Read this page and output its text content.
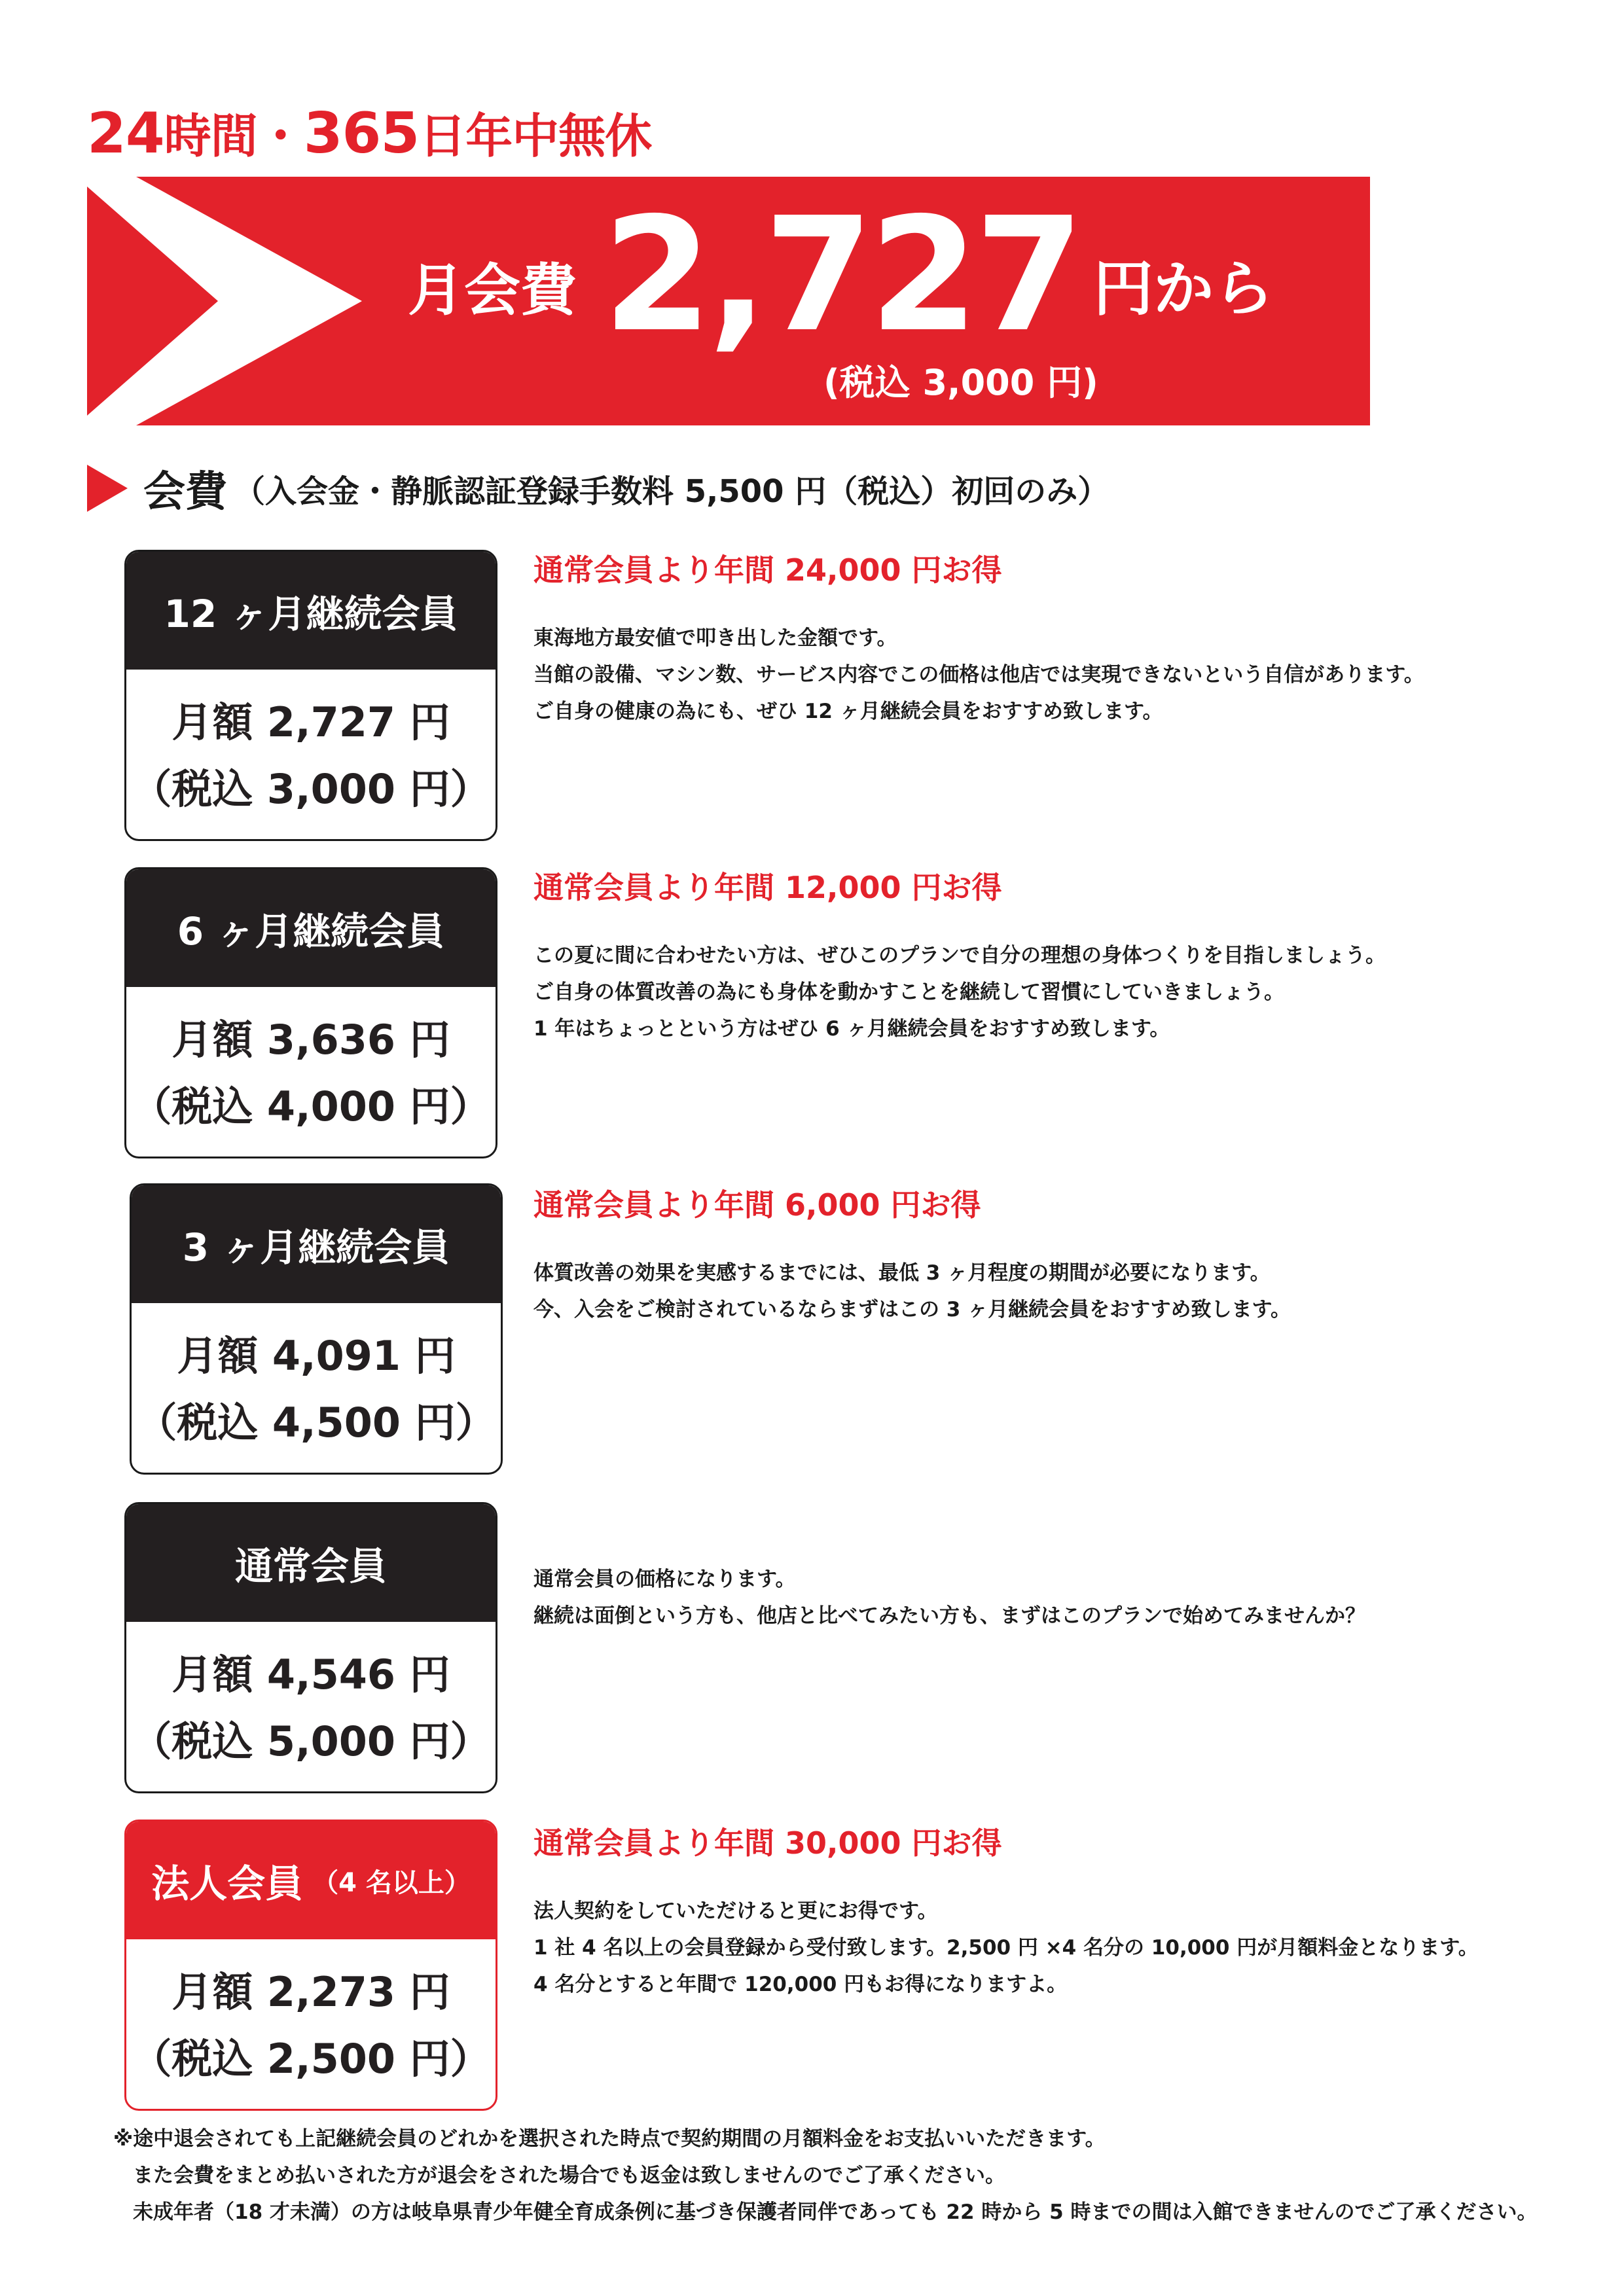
24時間・365日年中無休
月会費 2,727 円から
(税込 3,000 円)
会費 （入会金・静脈認証登録手数料 5,500 円（税込）初回のみ）
12 ヶ月継続会員
月額 2,727 円
（税込 3,000 円）
通常会員より年間 24,000 円お得
東海地方最安値で叩き出した金額です。
当館の設備、マシン数、サービス内容でこの価格は他店では実現できないという自信があります。
ご自身の健康の為にも、ぜひ 12 ヶ月継続会員をおすすめ致します。
6 ヶ月継続会員
月額 3,636 円
（税込 4,000 円）
通常会員より年間 12,000 円お得
この夏に間に合わせたい方は、ぜひこのプランで自分の理想の身体つくりを目指しましょう。
ご自身の体質改善の為にも身体を動かすことを継続して習慣にしていきましょう。
1 年はちょっとという方はぜひ 6 ヶ月継続会員をおすすめ致します。
3 ヶ月継続会員
月額 4,091 円
（税込 4,500 円）
通常会員より年間 6,000 円お得
体質改善の効果を実感するまでには、最低 3 ヶ月程度の期間が必要になります。
今、入会をご検討されているならまずはこの 3 ヶ月継続会員をおすすめ致します。
通常会員
月額 4,546 円
（税込 5,000 円）
通常会員の価格になります。
継続は面倒という方も、他店と比べてみたい方も、まずはこのプランで始めてみませんか？
法人会員 （4 名以上）
月額 2,273 円
（税込 2,500 円）
通常会員より年間 30,000 円お得
法人契約をしていただけると更にお得です。
1 社 4 名以上の会員登録から受付致します。2,500 円 ×4 名分の 10,000 円が月額料金となります。
4 名分とすると年間で 120,000 円もお得になりますよ。
※途中退会されても上記継続会員のどれかを選択された時点で契約期間の月額料金をお支払いいただきます。
また会費をまとめ払いされた方が退会をされた場合でも返金は致しませんのでご了承ください。
未成年者（18 才未満）の方は岐阜県青少年健全育成条例に基づき保護者同伴であっても 22 時から 5 時までの間は入館できませんのでご了承ください。
